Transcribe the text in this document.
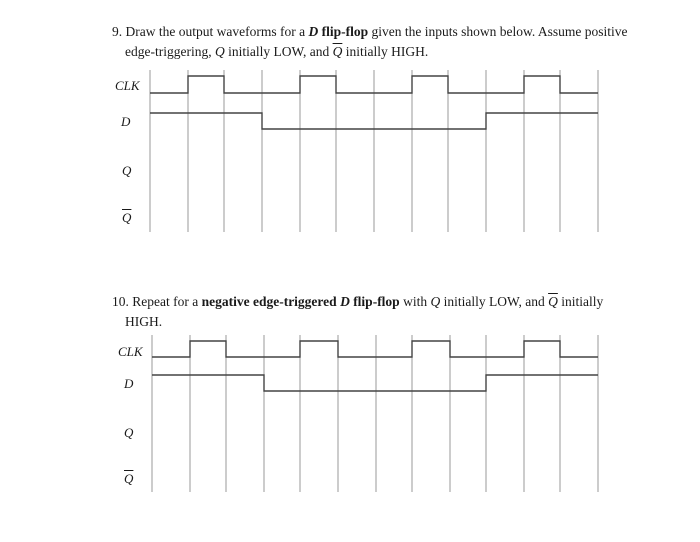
9. Draw the output waveforms for a D flip-flop given the inputs shown below. Assume positive
edge-triggering, Q initially LOW, and $\overline{Q}$ initially HIGH.
10. Repeat for a negative edge-triggered D flip-flop with Q initially LOW, and $\overline{Q}$ initially
HIGH.
CLK
D
Q
$\overline{Q}$
CLK
D
Q
$\overline{Q}$
